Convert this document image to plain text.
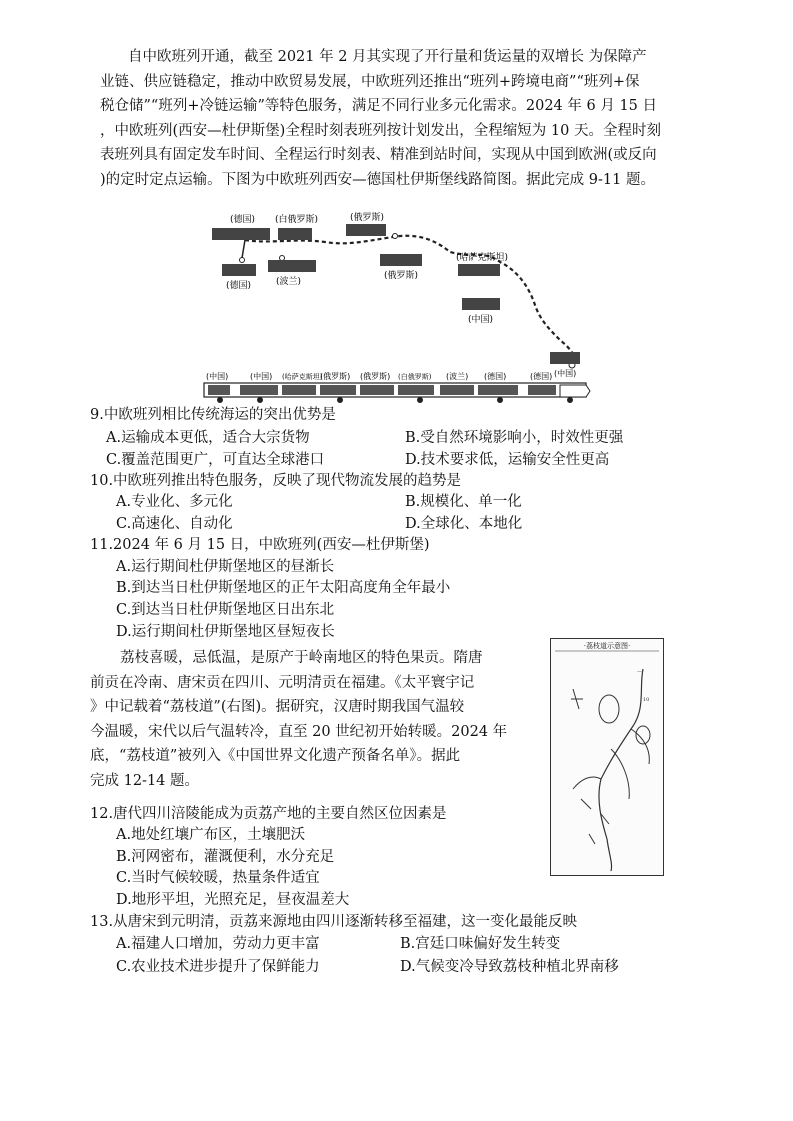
自中欧班列开通，截至 2021 年 2 月其实现了开行量和货运量的双增长 为保障产
业链、供应链稳定，推动中欧贸易发展，中欧班列还推出“班列+跨境电商”“班列+保
税仓储”“班列+冷链运输”等特色服务，满足不同行业多元化需求。2024 年 6 月 15 日
，中欧班列(西安—杜伊斯堡)全程时刻表班列按计划发出，全程缩短为 10 天。全程时刻
表班列具有固定发车时间、全程运行时刻表、精准到站时间，实现从中国到欧洲(或反向
)的定时定点运输。下图为中欧班列西安—德国杜伊斯堡线路简图。据此完成 9-11 题。
(德国) (白俄罗斯)	(俄罗斯)
(德国)	(波兰)
(俄罗斯)
(哈萨克斯坦)
(中国)
(中国)
(中国)	(中国) (哈萨克斯坦)
(俄罗斯) (俄罗斯) (白俄罗斯) (波兰) (德国)	(德国)
9.中欧班列相比传统海运的突出优势是
A.运输成本更低，适合大宗货物	B.受自然环境影响小，时效性更强
C.覆盖范围更广，可直达全球港口	D.技术要求低，运输安全性更高
10.中欧班列推出特色服务，反映了现代物流发展的趋势是
A.专业化、多元化	B.规模化、单一化
C.高速化、自动化	D.全球化、本地化
11.2024 年 6 月 15 日，中欧班列(西安—杜伊斯堡)
A.运行期间杜伊斯堡地区的昼渐长
B.到达当日杜伊斯堡地区的正午太阳高度角全年最小
C.到达当日杜伊斯堡地区日出东北
D.运行期间杜伊斯堡地区昼短夜长
荔枝喜暖，忌低温，是原产于岭南地区的特色果贡。隋唐
前贡在冷南、唐宋贡在四川、元明清贡在福建。《太平寰宇记
》中记载着“荔枝道”(右图)。据研究，汉唐时期我国气温较
今温暖，宋代以后气温转冷，直至 20 世纪初开始转暖。2024 年
底，“荔枝道”被列入《中国世界文化遗产预备名单》。据此
完成 12-14 题。
·荔枝道示意图·
—
10
12.唐代四川涪陵能成为贡荔产地的主要自然区位因素是
A.地处红壤广布区，土壤肥沃
B.河网密布，灌溉便利，水分充足
C.当时气候较暖，热量条件适宜
D.地形平坦，光照充足，昼夜温差大
13.从唐宋到元明清，贡荔来源地由四川逐渐转移至福建，这一变化最能反映
A.福建人口增加，劳动力更丰富	B.宫廷口味偏好发生转变
C.农业技术进步提升了保鲜能力	D.气候变冷导致荔枝种植北界南移
